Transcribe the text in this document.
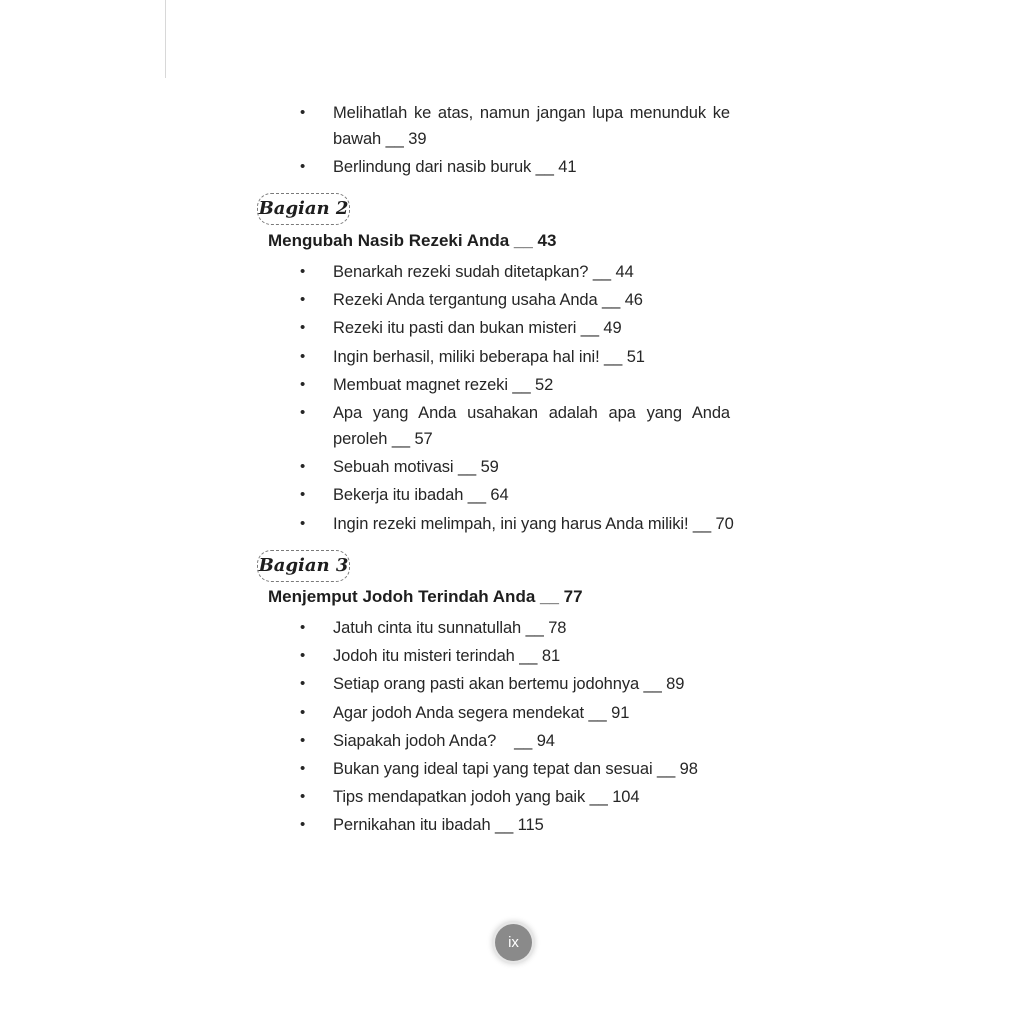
• Melihatlah ke atas, namun jangan lupa menunduk ke bawah __ 39
• Berlindung dari nasib buruk __ 41
Bagian 2
Mengubah Nasib Rezeki Anda __ 43
• Benarkah rezeki sudah ditetapkan? __ 44
• Rezeki Anda tergantung usaha Anda __ 46
• Rezeki itu pasti dan bukan misteri __ 49
• Ingin berhasil, miliki beberapa hal ini! __ 51
• Membuat magnet rezeki __ 52
• Apa yang Anda usahakan adalah apa yang Anda peroleh __ 57
• Sebuah motivasi __ 59
• Bekerja itu ibadah __ 64
• Ingin rezeki melimpah, ini yang harus Anda miliki! __ 70
Bagian 3
Menjemput Jodoh Terindah Anda __ 77
• Jatuh cinta itu sunnatullah __ 78
• Jodoh itu misteri terindah __ 81
• Setiap orang pasti akan bertemu jodohnya __ 89
• Agar jodoh Anda segera mendekat __ 91
• Siapakah jodoh Anda?    __ 94
• Bukan yang ideal tapi yang tepat dan sesuai __ 98
• Tips mendapatkan jodoh yang baik __ 104
• Pernikahan itu ibadah __ 115
ix
